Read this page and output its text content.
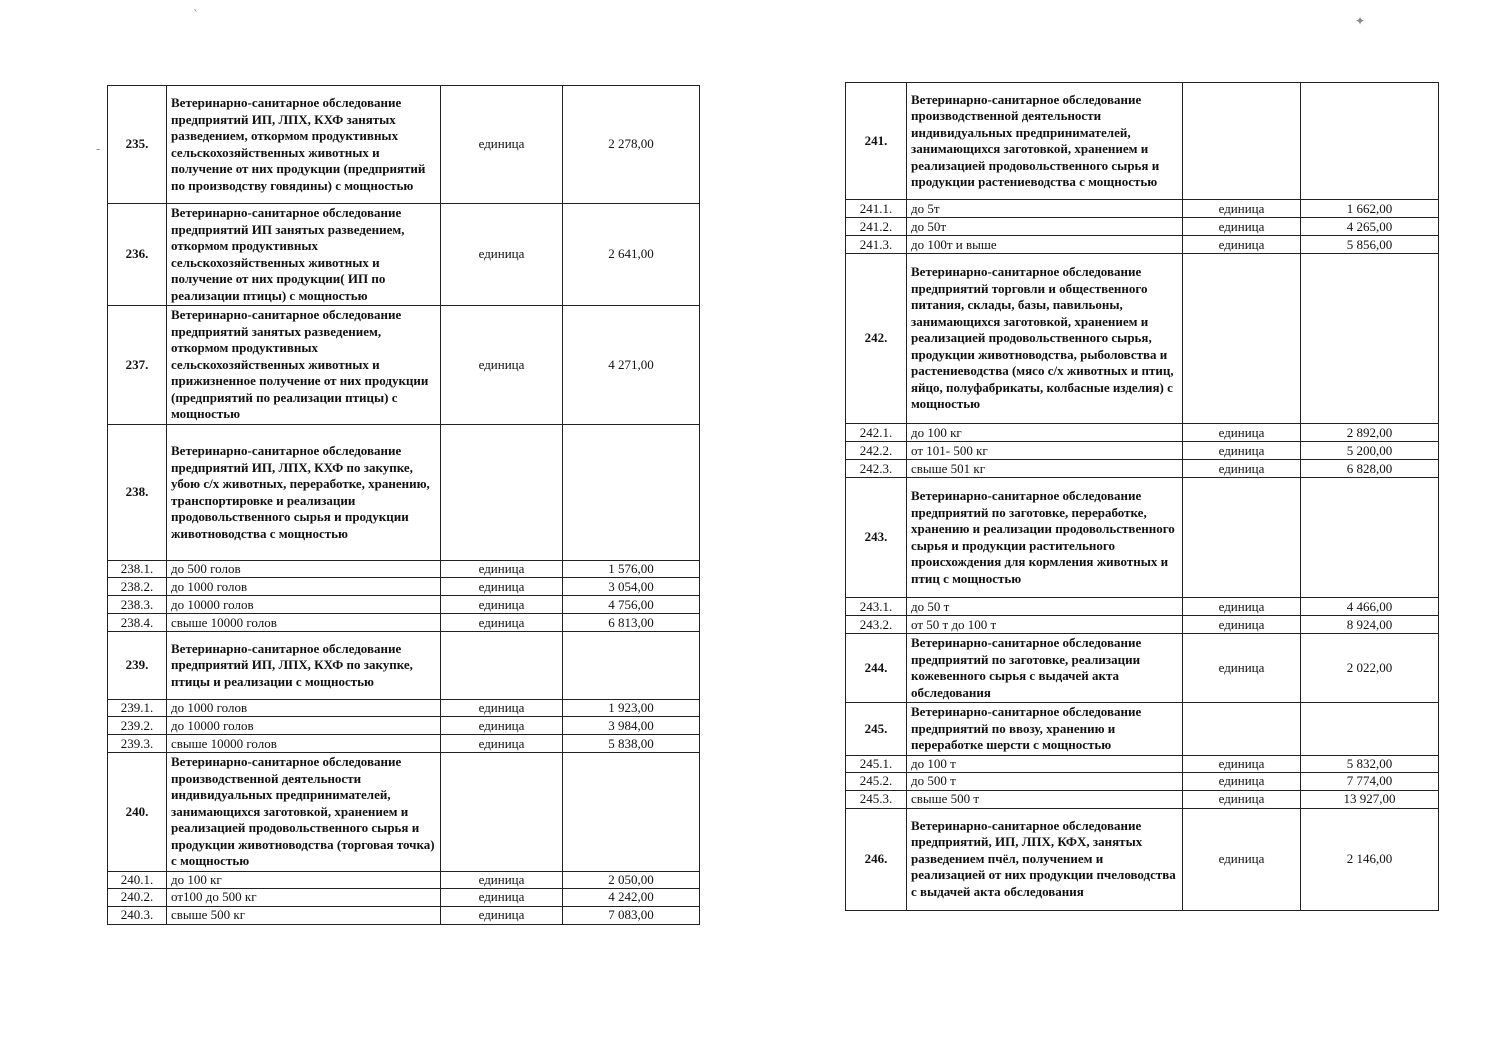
`	✦
- 235.	Ветеринарно-санитарное обследование предприятий ИП, ЛПХ, КХФ занятых разведением, откормом продуктивных сельскохозяйственных животных и получение от них продукции (предприятий по производству говядины) с мощностью	единица	2 278,00
236.	Ветеринарно-санитарное обследование предприятий ИП занятых разведением, откормом продуктивных сельскохозяйственных животных и получение от них продукции( ИП по реализации птицы) с мощностью	единица	2 641,00
237.	Ветеринарно-санитарное обследование предприятий занятых разведением, откормом продуктивных сельскохозяйственных животных и прижизненное получение от них продукции (предприятий по реализации птицы) с мощностью	единица	4 271,00
238.	Ветеринарно-санитарное обследование предприятий ИП, ЛПХ, КХФ по закупке, убою с/х животных, переработке, хранению, транспортировке и реализации продовольственного сырья и продукции животноводства с мощностью		
238.1.	до 500 голов	единица	1 576,00
238.2.	до 1000 голов	единица	3 054,00
238.3.	до 10000 голов	единица	4 756,00
238.4.	свыше 10000 голов	единица	6 813,00
239.	Ветеринарно-санитарное обследование предприятий ИП, ЛПХ, КХФ по закупке, птицы и реализации с мощностью		
239.1.	до 1000 голов	единица	1 923,00
239.2.	до 10000 голов	единица	3 984,00
239.3.	свыше 10000 голов	единица	5 838,00
240.	Ветеринарно-санитарное обследование производственной деятельности индивидуальных предпринимателей, занимающихся заготовкой, хранением и реализацией продовольственного сырья и продукции животноводства (торговая точка) с мощностью		
240.1.	до 100 кг	единица	2 050,00
240.2.	от100 до 500 кг	единица	4 242,00
240.3.	свыше 500 кг	единица	7 083,00
241.	Ветеринарно-санитарное обследование производственной деятельности индивидуальных предпринимателей, занимающихся заготовкой, хранением и реализацией продовольственного сырья и продукции растениеводства с мощностью		
241.1.	до 5т	единица	1 662,00
241.2.	до 50т	единица	4 265,00
241.3.	до 100т и выше	единица	5 856,00
242.	Ветеринарно-санитарное обследование предприятий торговли и общественного питания, склады, базы, павильоны, занимающихся заготовкой, хранением и реализацией продовольственного сырья, продукции животноводства, рыболовства и растениеводства (мясо с/х животных и птиц, яйцо, полуфабрикаты, колбасные изделия) с мощностью		
242.1.	до 100 кг	единица	2 892,00
242.2.	от 101- 500 кг	единица	5 200,00
242.3.	свыше 501 кг	единица	6 828,00
243.	Ветеринарно-санитарное обследование предприятий по заготовке, переработке, хранению и реализации продовольственного сырья и продукции растительного происхождения для кормления животных и птиц с мощностью		
243.1.	до 50 т	единица	4 466,00
243.2.	от 50 т до 100 т	единица	8 924,00
244.	Ветеринарно-санитарное обследование предприятий по заготовке, реализации кожевенного сырья с выдачей акта обследования	единица	2 022,00
245.	Ветеринарно-санитарное обследование предприятий по ввозу, хранению и переработке шерсти с мощностью		
245.1.	до 100 т	единица	5 832,00
245.2.	до 500 т	единица	7 774,00
245.3.	свыше 500 т	единица	13 927,00
246.	Ветеринарно-санитарное обследование предприятий, ИП, ЛПХ, КФХ, занятых разведением пчёл, получением и реализацией от них продукции пчеловодства с выдачей акта обследования	единица	2 146,00
